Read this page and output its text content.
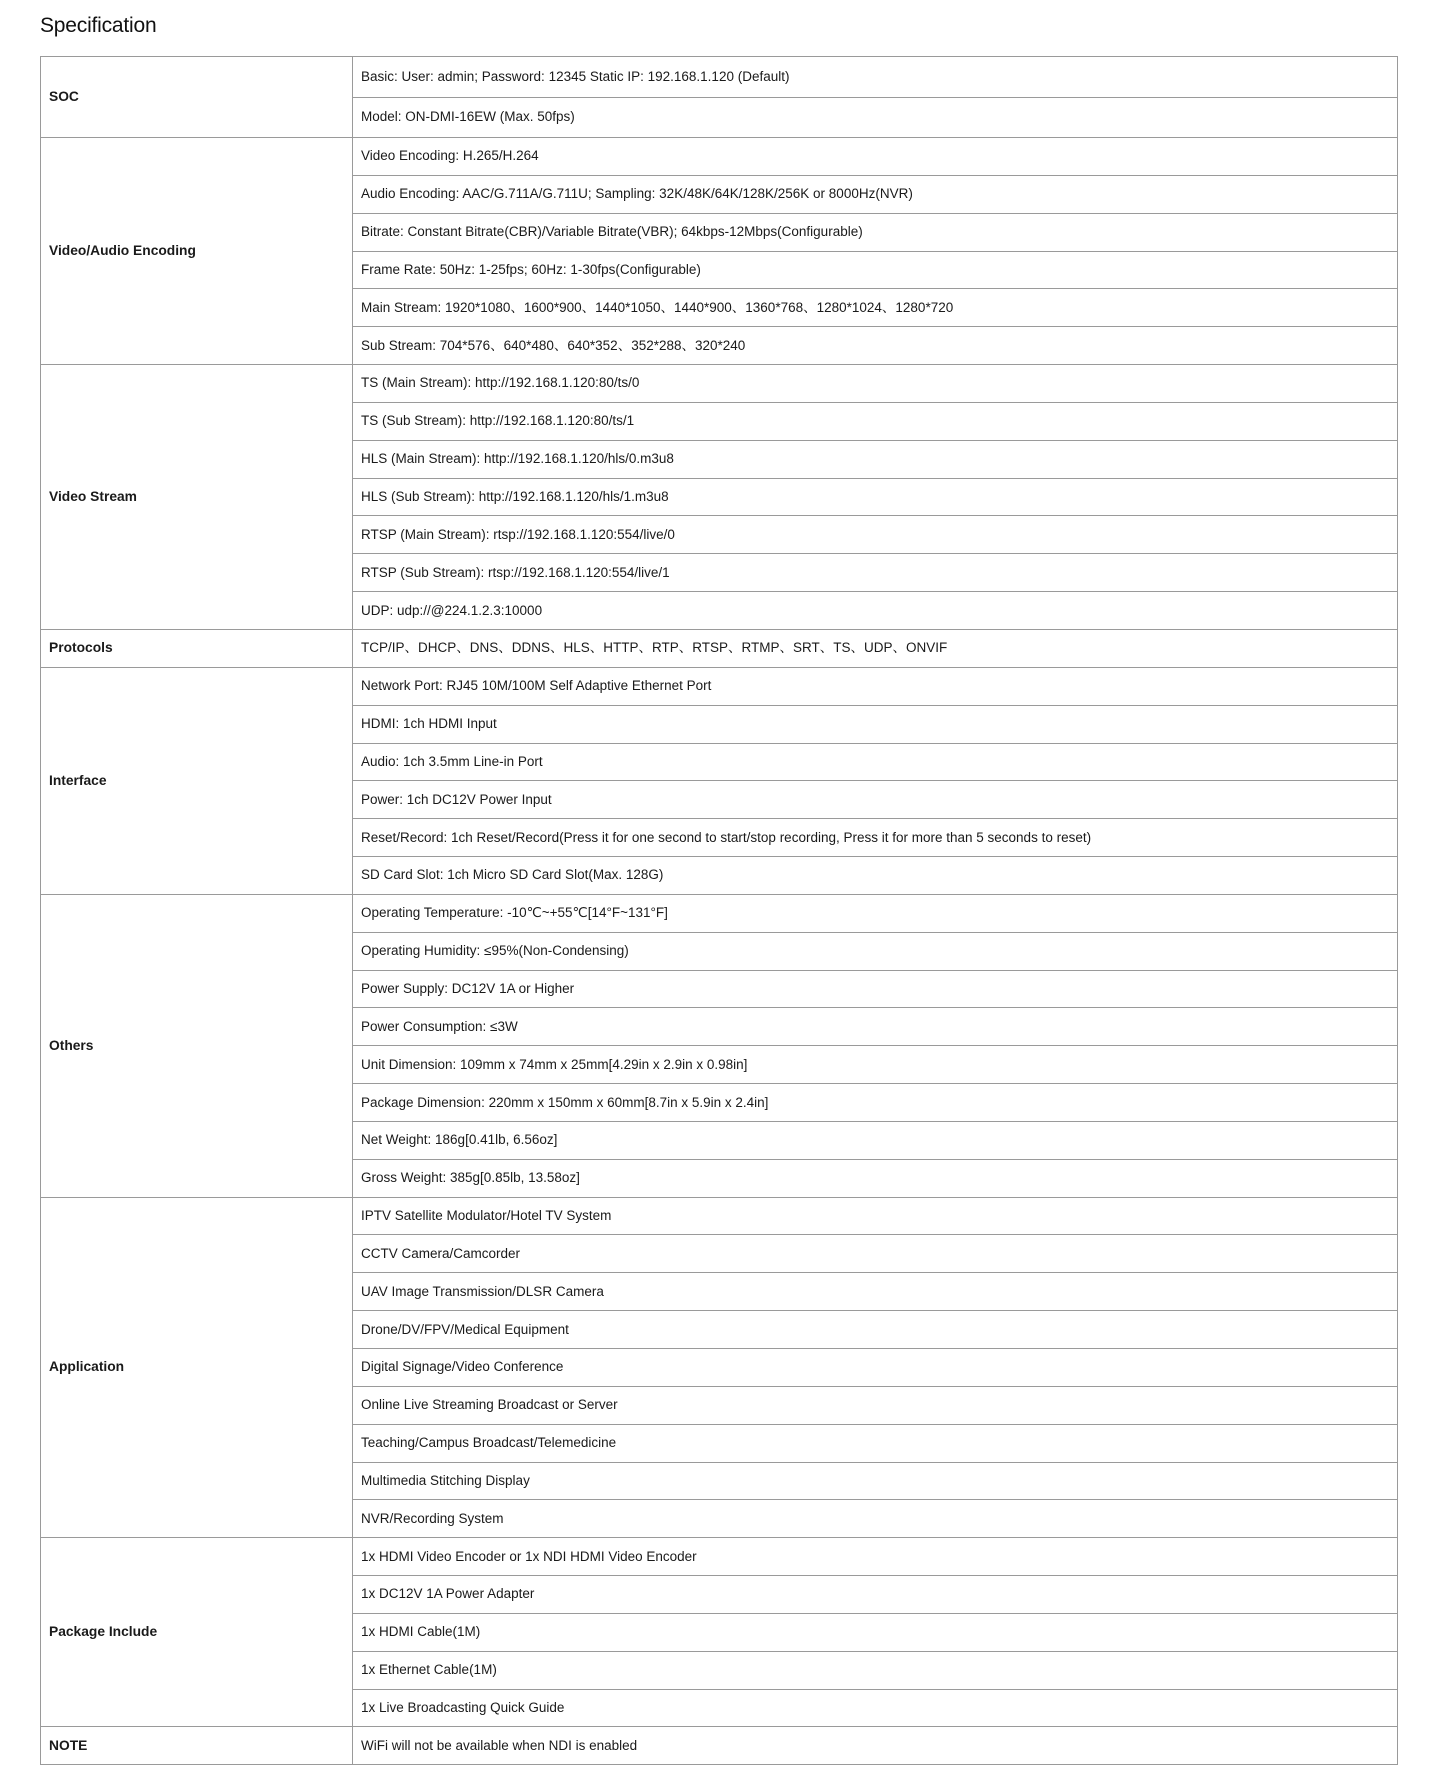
Specification
SOC	Basic: User: admin; Password: 12345 Static IP: 192.168.1.120 (Default)
	Model: ON-DMI-16EW (Max. 50fps)
Video/Audio Encoding	Video Encoding: H.265/H.264
	Audio Encoding: AAC/G.711A/G.711U; Sampling: 32K/48K/64K/128K/256K or 8000Hz(NVR)
	Bitrate: Constant Bitrate(CBR)/Variable Bitrate(VBR); 64kbps-12Mbps(Configurable)
	Frame Rate: 50Hz: 1-25fps; 60Hz: 1-30fps(Configurable)
	Main Stream: 1920*1080、1600*900、1440*1050、1440*900、1360*768、1280*1024、1280*720
	Sub Stream: 704*576、640*480、640*352、352*288、320*240
Video Stream	TS (Main Stream): http://192.168.1.120:80/ts/0
	TS (Sub Stream): http://192.168.1.120:80/ts/1
	HLS (Main Stream): http://192.168.1.120/hls/0.m3u8
	HLS (Sub Stream): http://192.168.1.120/hls/1.m3u8
	RTSP (Main Stream): rtsp://192.168.1.120:554/live/0
	RTSP (Sub Stream): rtsp://192.168.1.120:554/live/1
	UDP: udp://@224.1.2.3:10000
Protocols	TCP/IP、DHCP、DNS、DDNS、HLS、HTTP、RTP、RTSP、RTMP、SRT、TS、UDP、ONVIF
Interface	Network Port: RJ45 10M/100M Self Adaptive Ethernet Port
	HDMI: 1ch HDMI Input
	Audio: 1ch 3.5mm Line-in Port
	Power: 1ch DC12V Power Input
	Reset/Record: 1ch Reset/Record(Press it for one second to start/stop recording, Press it for more than 5 seconds to reset)
	SD Card Slot: 1ch Micro SD Card Slot(Max. 128G)
Others	Operating Temperature: -10℃~+55℃[14°F~131°F]
	Operating Humidity: ≤95%(Non-Condensing)
	Power Supply: DC12V 1A or Higher
	Power Consumption: ≤3W
	Unit Dimension: 109mm x 74mm x 25mm[4.29in x 2.9in x 0.98in]
	Package Dimension: 220mm x 150mm x 60mm[8.7in x 5.9in x 2.4in]
	Net Weight: 186g[0.41lb, 6.56oz]
	Gross Weight: 385g[0.85lb, 13.58oz]
Application	IPTV Satellite Modulator/Hotel TV System
	CCTV Camera/Camcorder
	UAV Image Transmission/DLSR Camera
	Drone/DV/FPV/Medical Equipment
	Digital Signage/Video Conference
	Online Live Streaming Broadcast or Server
	Teaching/Campus Broadcast/Telemedicine
	Multimedia Stitching Display
	NVR/Recording System
Package Include	1x HDMI Video Encoder or 1x NDI HDMI Video Encoder
	1x DC12V 1A Power Adapter
	1x HDMI Cable(1M)
	1x Ethernet Cable(1M)
	1x Live Broadcasting Quick Guide
NOTE	WiFi will not be available when NDI is enabled
